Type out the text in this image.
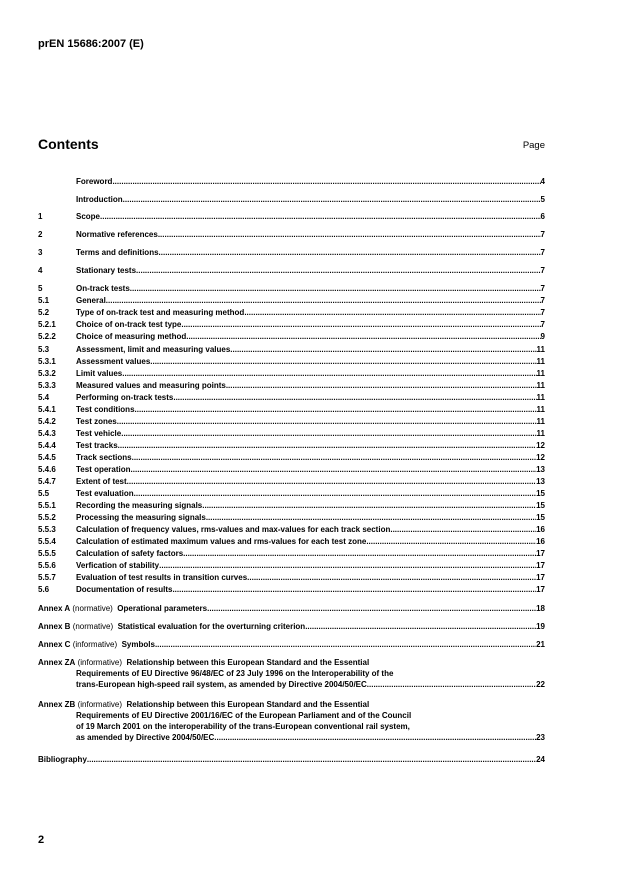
prEN 15686:2007 (E)
Contents	Page
Foreword .....	4
Introduction .....	5
1	Scope .....	6
2	Normative references .....	7
3	Terms and definitions .....	7
4	Stationary tests .....	7
5	On-track tests .....	7
5.1	General .....	7
5.2	Type of on-track test and measuring method .....	7
5.2.1	Choice of on-track test type .....	7
5.2.2	Choice of measuring method .....	9
5.3	Assessment, limit and measuring values .....	11
5.3.1	Assessment values .....	11
5.3.2	Limit values .....	11
5.3.3	Measured values and measuring points .....	11
5.4	Performing on-track tests .....	11
5.4.1	Test conditions .....	11
5.4.2	Test zones .....	11
5.4.3	Test vehicle .....	11
5.4.4	Test tracks .....	12
5.4.5	Track sections .....	12
5.4.6	Test operation .....	13
5.4.7	Extent of test .....	13
5.5	Test evaluation .....	15
5.5.1	Recording the measuring signals .....	15
5.5.2	Processing the measuring signals .....	15
5.5.3	Calculation of frequency values, rms-values and max-values for each track section .....	16
5.5.4	Calculation of estimated maximum values and rms-values for each test zone .....	16
5.5.5	Calculation of safety factors .....	17
5.5.6	Verfication of stability .....	17
5.5.7	Evaluation of test results in transition curves .....	17
5.6	Documentation of results .....	17
Annex A
(normative)
Operational parameters .....	18
Annex B
(normative)
Statistical evaluation for the overturning criterion .....	19
Annex C
(informative)
Symbols .....	21
Annex ZA
(informative)
Relationship between this European Standard and the Essential
Requirements of EU Directive 96/48/EC of 23 July 1996 on the Interoperability of the
trans-European high-speed rail system, as amended by Directive 2004/50/EC .....	22
Annex ZB
(informative)
Relationship between this European Standard and the Essential
Requirements of EU Directive 2001/16/EC of the European Parliament and of the Council
of 19 March 2001 on the interoperability of the trans-European conventional rail system,
as amended by Directive 2004/50/EC .....	23
Bibliography .....	24
2
